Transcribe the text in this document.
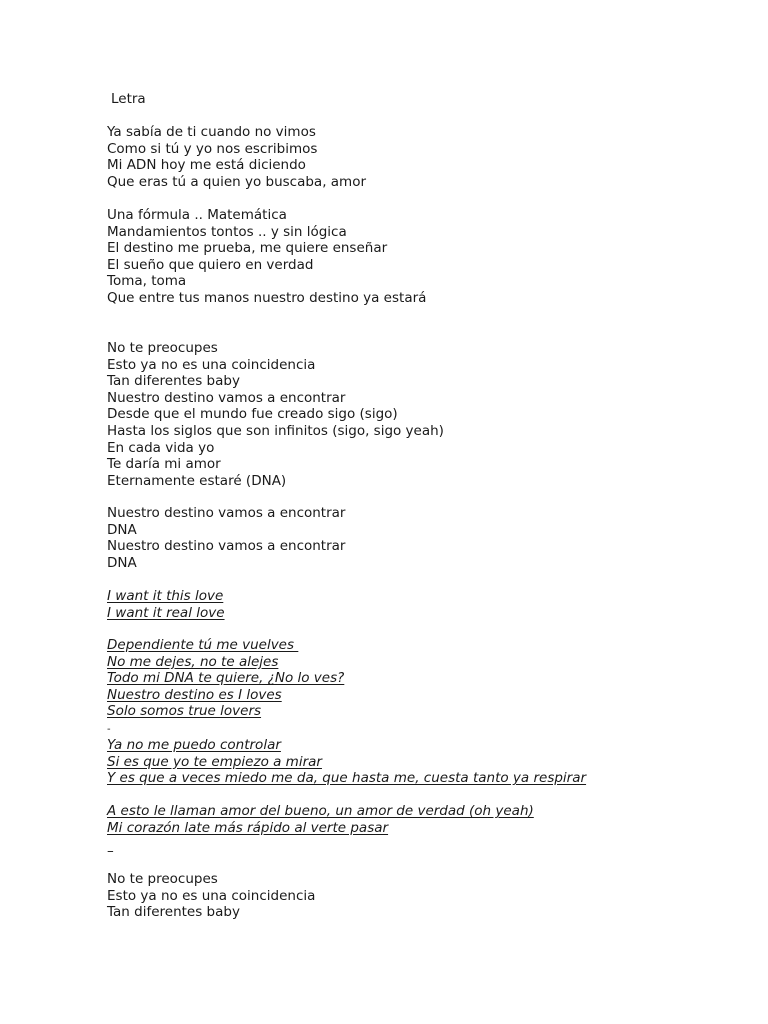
Letra
Ya sabía de ti cuando no vimos
Como si tú y yo nos escribimos
Mi ADN hoy me está diciendo
Que eras tú a quien yo buscaba, amor
Una fórmula .. Matemática
Mandamientos tontos .. y sin lógica
El destino me prueba, me quiere enseñar
El sueño que quiero en verdad
Toma, toma
Que entre tus manos nuestro destino ya estará
No te preocupes
Esto ya no es una coincidencia
Tan diferentes baby
Nuestro destino vamos a encontrar
Desde que el mundo fue creado sigo (sigo)
Hasta los siglos que son infinitos (sigo, sigo yeah)
En cada vida yo
Te daría mi amor
Eternamente estaré (DNA)
Nuestro destino vamos a encontrar
DNA
Nuestro destino vamos a encontrar
DNA
I want it this love
I want it real love
Dependiente tú me vuelves
No me dejes, no te alejes
Todo mi DNA te quiere, ¿No lo ves?
Nuestro destino es I loves
Solo somos true lovers
-
Ya no me puedo controlar
Si es que yo te empiezo a mirar
Y es que a veces miedo me da, que hasta me, cuesta tanto ya respirar
A esto le llaman amor del bueno, un amor de verdad (oh yeah)
Mi corazón late más rápido al verte pasar
–
No te preocupes
Esto ya no es una coincidencia
Tan diferentes baby
